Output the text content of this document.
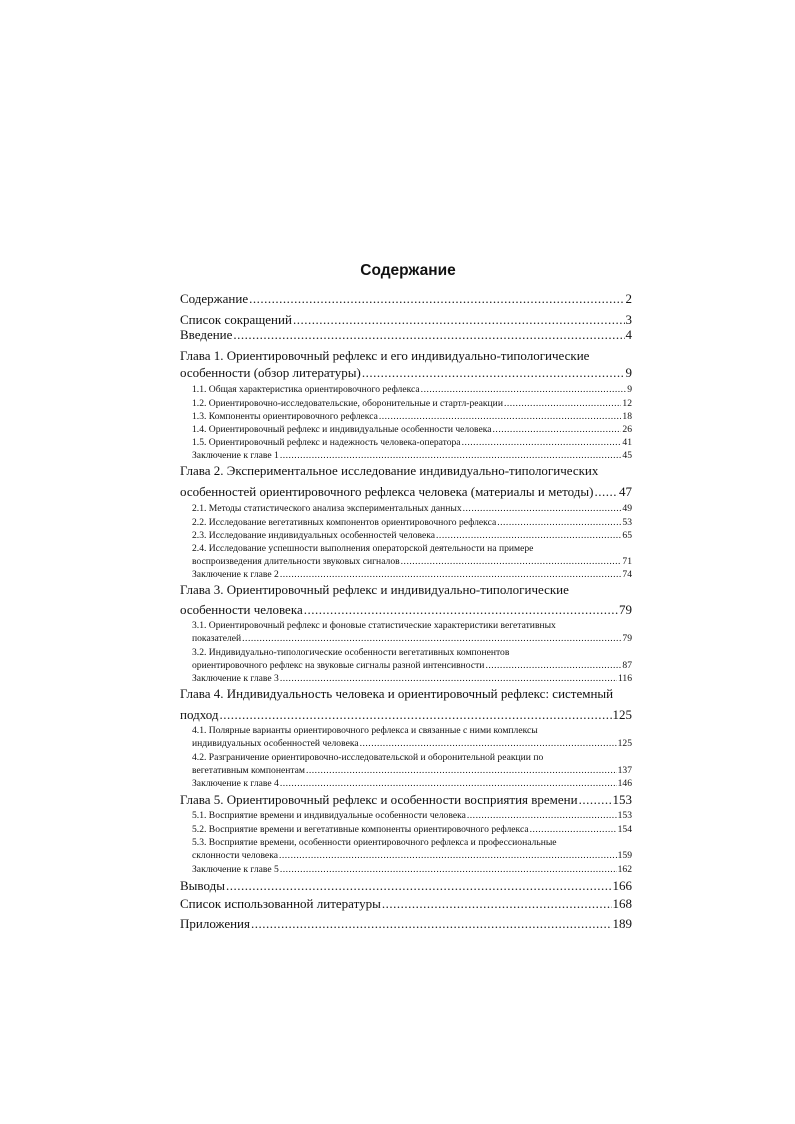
Содержание
Содержание .....	2
Список сокращений .....	3
Введение .....	4
Глава 1. Ориентировочный рефлекс и его индивидуально-типологические
особенности (обзор литературы) .....	9
1.1. Общая характеристика ориентировочного рефлекса .....	9
1.2. Ориентировочно-исследовательские, оборонительные и стартл-реакции .....	12
1.3. Компоненты ориентировочного рефлекса .....	18
1.4. Ориентировочный рефлекс и индивидуальные особенности человека .....	26
1.5. Ориентировочный рефлекс и надежность человека-оператора .....	41
Заключение к главе 1 .....	45
Глава 2. Экспериментальное исследование индивидуально-типологических
особенностей ориентировочного рефлекса человека (материалы и методы) ..... 47
2.1. Методы статистического анализа экспериментальных данных .....	49
2.2. Исследование вегетативных компонентов ориентировочного рефлекса .....	53
2.3. Исследование индивидуальных особенностей человека .....	65
2.4. Исследование успешности выполнения операторской деятельности на примере
воспроизведения длительности звуковых сигналов .....	71
Заключение к главе 2 .....	74
Глава 3. Ориентировочный рефлекс и индивидуально-типологические
особенности человека .....	79
3.1. Ориентировочный рефлекс и фоновые статистические характеристики вегетативных
показателей .....	79
3.2. Индивидуально-типологические особенности вегетативных компонентов
ориентировочного рефлекс на звуковые сигналы разной интенсивности .....	87
Заключение к главе 3 .....	116
Глава 4. Индивидуальность человека и ориентировочный рефлекс: системный
подход .....	125
4.1. Полярные варианты ориентировочного рефлекса и связанные с ними комплексы
индивидуальных особенностей человека .....	125
4.2. Разграничение ориентировочно-исследовательской и оборонительной реакции по
вегетативным компонентам .....	137
Заключение к главе 4 .....	146
Глава 5. Ориентировочный рефлекс и особенности восприятия времени .....	153
5.1. Восприятие времени и индивидуальные особенности человека .....	153
5.2. Восприятие времени и вегетативные компоненты ориентировочного рефлекса .....	154
5.3. Восприятие времени, особенности ориентировочного рефлекса и профессиональные
склонности человека .....	159
Заключение к главе 5 .....	162
Выводы .....	166
Список использованной литературы .....	168
Приложения .....	189
